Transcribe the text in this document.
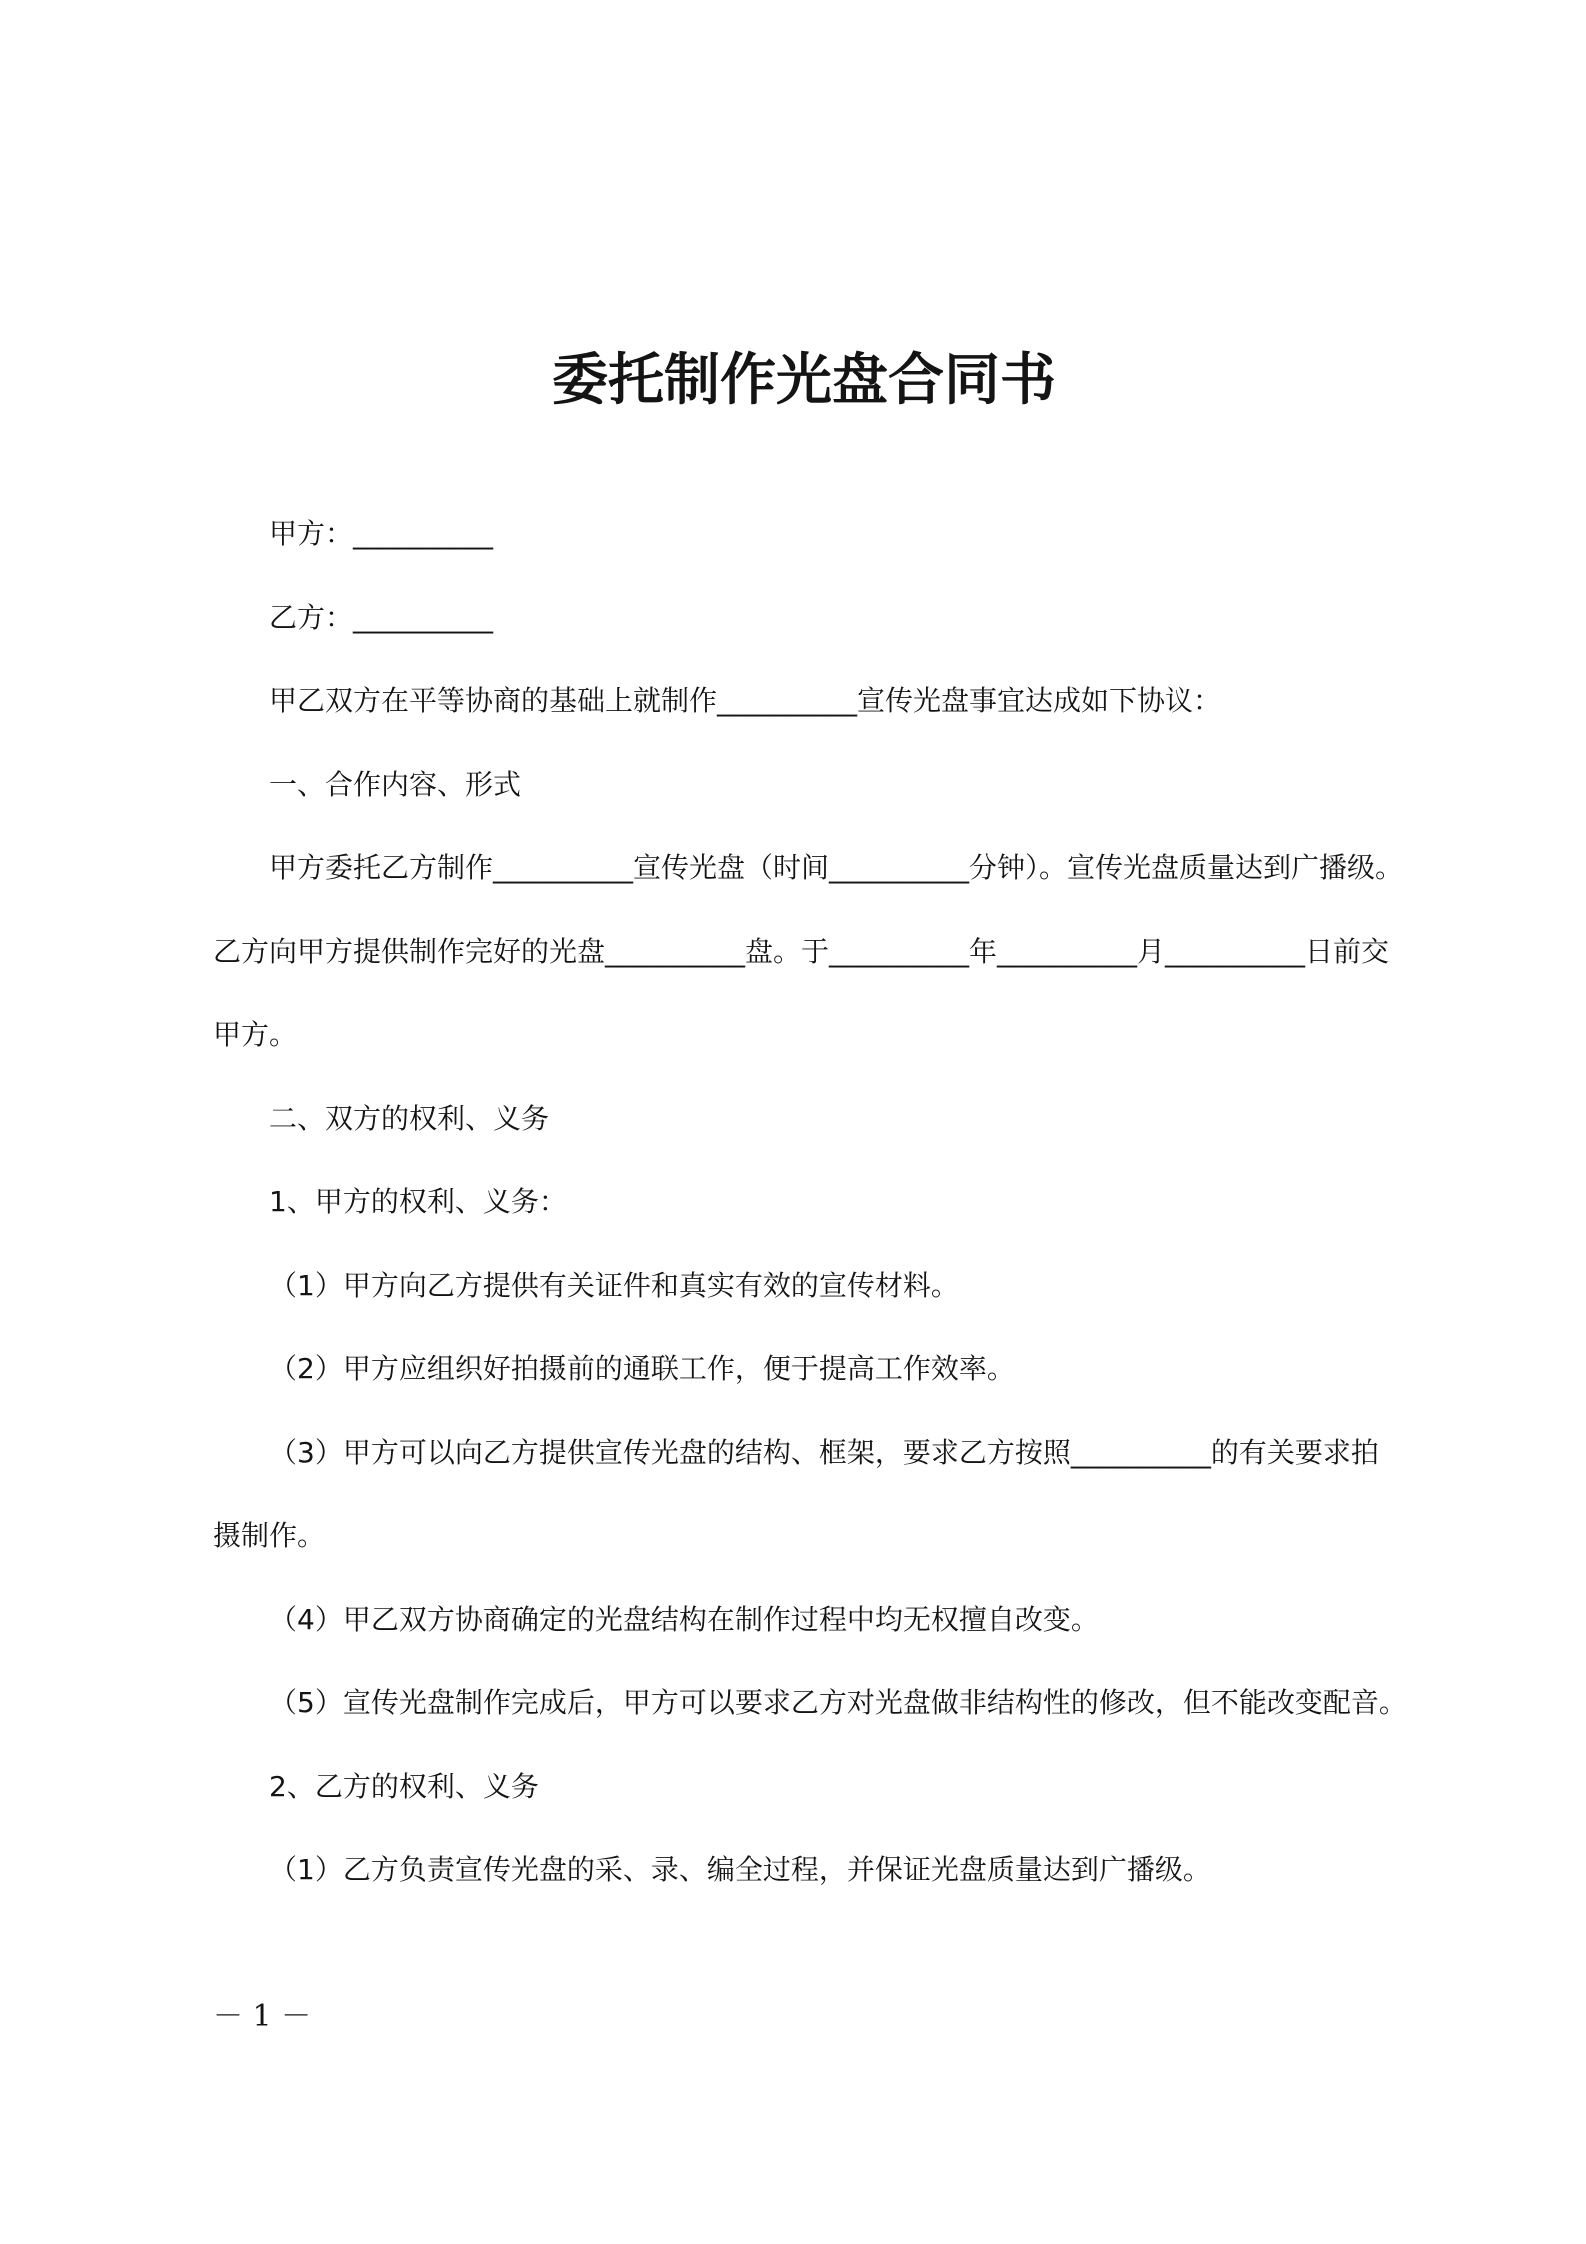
委托制作光盘合同书
甲方：__________
乙方：__________
甲乙双方在平等协商的基础上就制作__________宣传光盘事宜达成如下协议：
一、合作内容、形式
甲方委托乙方制作__________宣传光盘（时间__________分钟）。宣传光盘质量达到广播级。
乙方向甲方提供制作完好的光盘__________盘。于__________年__________月__________日前交
甲方。
二、双方的权利、义务
1、甲方的权利、义务：
（1）甲方向乙方提供有关证件和真实有效的宣传材料。
（2）甲方应组织好拍摄前的通联工作，便于提高工作效率。
（3）甲方可以向乙方提供宣传光盘的结构、框架，要求乙方按照__________的有关要求拍
摄制作。
（4）甲乙双方协商确定的光盘结构在制作过程中均无权擅自改变。
（5）宣传光盘制作完成后，甲方可以要求乙方对光盘做非结构性的修改，但不能改变配音。
2、乙方的权利、义务
（1）乙方负责宣传光盘的采、录、编全过程，并保证光盘质量达到广播级。
－ 1 －
